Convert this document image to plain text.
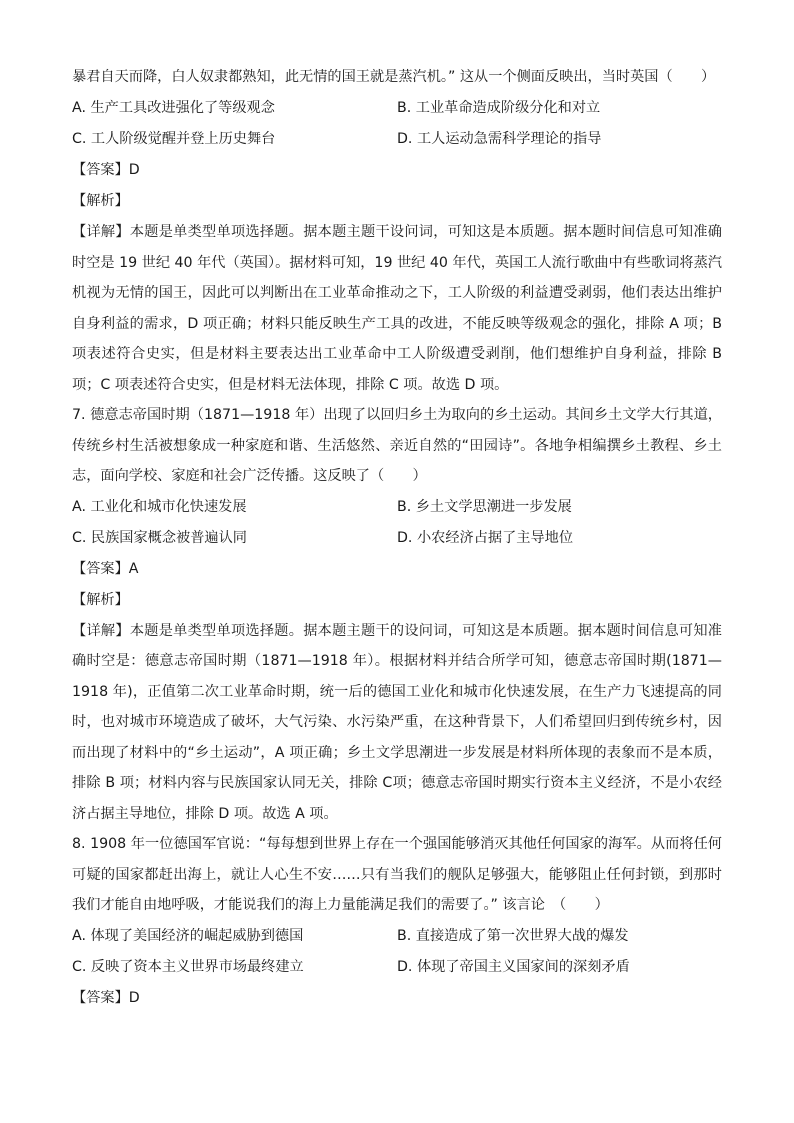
暴君自天而降，白人奴隶都熟知，此无情的国王就是蒸汽机。” 这从一个侧面反映出，当时英国（　　）
A. 生产工具改进强化了等级观念	B. 工业革命造成阶级分化和对立
C. 工人阶级觉醒并登上历史舞台	D. 工人运动急需科学理论的指导
【答案】D
【解析】

【详解】本题是单类型单项选择题。据本题主题干设问词，可知这是本质题。据本题时间信息可知准确时空是 19 世纪 40 年代（英国）。据材料可知，19 世纪 40 年代，英国工人流行歌曲中有些歌词将蒸汽机视为无情的国王，因此可以判断出在工业革命推动之下，工人阶级的利益遭受剥弱，他们表达出维护自身利益的需求，D 项正确；材料只能反映生产工具的改进，不能反映等级观念的强化，排除 A 项；B 项表述符合史实，但是材料主要表达出工业革命中工人阶级遭受剥削，他们想维护自身利益，排除 B 项；C 项表述符合史实，但是材料无法体现，排除 C 项。故选 D 项。

7. 德意志帝国时期（1871—1918 年）出现了以回归乡土为取向的乡土运动。其间乡土文学大行其道，传统乡村生活被想象成一种家庭和谐、生活悠然、亲近自然的“田园诗”。各地争相编撰乡土教程、乡土志，面向学校、家庭和社会广泛传播。这反映了（　　）

A. 工业化和城市化快速发展	B. 乡土文学思潮进一步发展
C. 民族国家概念被普遍认同	D. 小农经济占据了主导地位
【答案】A
【解析】

【详解】本题是单类型单项选择题。据本题主题干的设问词，可知这是本质题。据本题时间信息可知准确时空是：德意志帝国时期（1871—1918 年）。根据材料并结合所学可知，德意志帝国时期(1871—1918 年)，正值第二次工业革命时期，统一后的德国工业化和城市化快速发展，在生产力飞速提高的同时，也对城市环境造成了破坏，大气污染、水污染严重，在这种背景下，人们希望回归到传统乡村，因而出现了材料中的“乡土运动”，A 项正确；乡土文学思潮进一步发展是材料所体现的表象而不是本质，排除 B 项；材料内容与民族国家认同无关，排除 C项；德意志帝国时期实行资本主义经济，不是小农经济占据主导地位，排除 D 项。故选 A 项。

8. 1908 年一位德国军官说：“每每想到世界上存在一个强国能够消灭其他任何国家的海军。从而将任何可疑的国家都赶出海上，就让人心生不安……只有当我们的舰队足够强大，能够阻止任何封锁，到那时我们才能自由地呼吸，才能说我们的海上力量能满足我们的需要了。” 该言论　（　　）

A. 体现了美国经济的崛起威胁到德国	B. 直接造成了第一次世界大战的爆发
C. 反映了资本主义世界市场最终建立	D. 体现了帝国主义国家间的深刻矛盾
【答案】D
